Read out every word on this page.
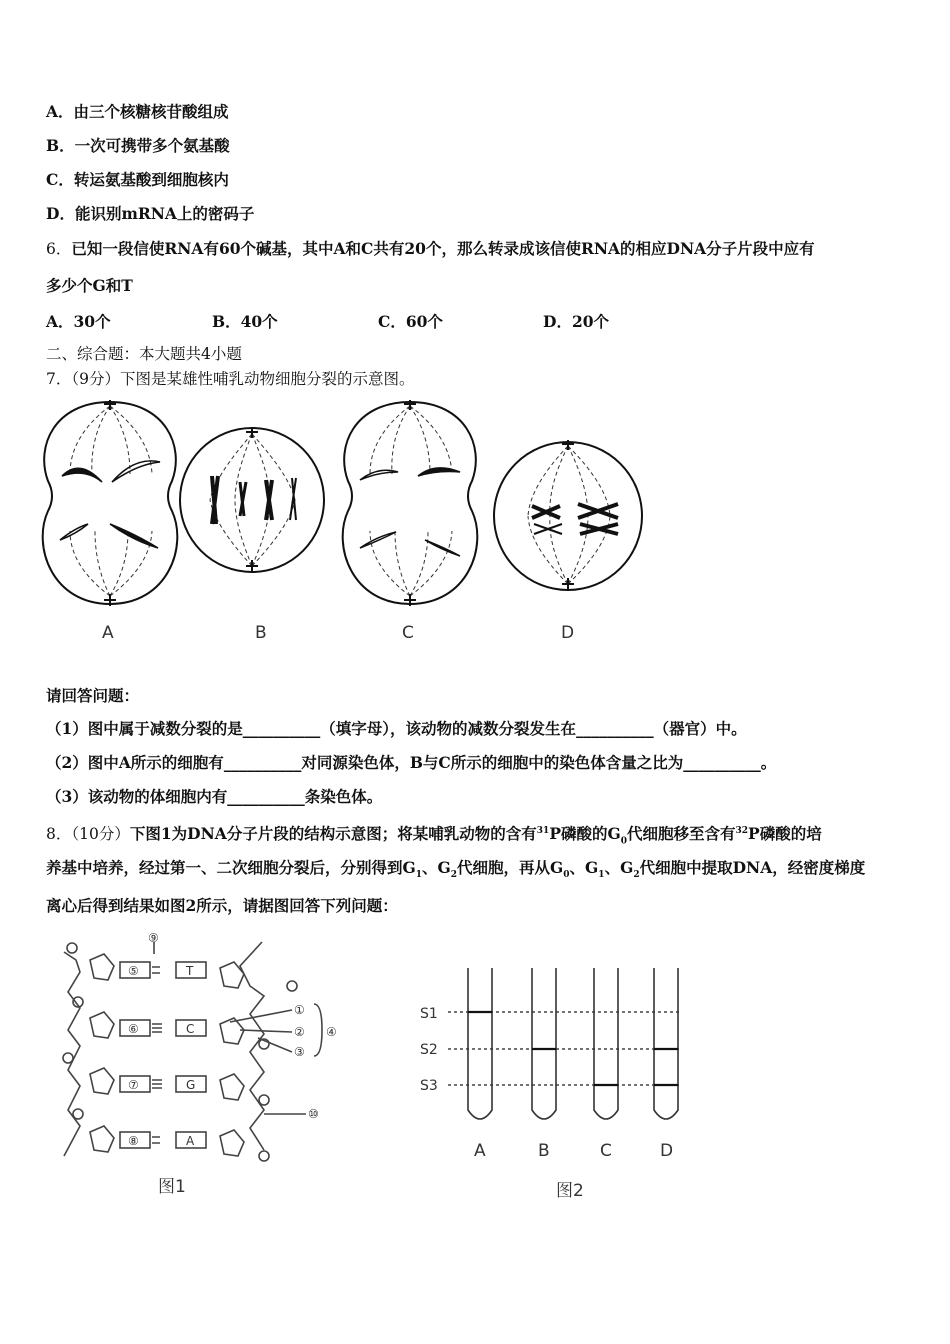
A．由三个核糖核苷酸组成
B．一次可携带多个氨基酸
C．转运氨基酸到细胞核内
D．能识别mRNA上的密码子
6．已知一段信使RNA有60个碱基，其中A和C共有20个，那么转录成该信使RNA的相应DNA分子片段中应有
多少个G和T
A．30个	B．40个	C．60个	D．20个
二、综合题：本大题共4小题
7．（9分）下图是某雄性哺乳动物细胞分裂的示意图。
A	B	C	D
请回答问题：
（1）图中属于减数分裂的是__________（填字母），该动物的减数分裂发生在__________（器官）中。
（2）图中A所示的细胞有__________对同源染色体，B与C所示的细胞中的染色体含量之比为__________。
（3）该动物的体细胞内有__________条染色体。
8．（10分）下图1为DNA分子片段的结构示意图；将某哺乳动物的含有$^{31}$P磷酸的$G_0$代细胞移至含有$^{32}$P磷酸的培
养基中培养，经过第一、二次细胞分裂后，分别得到$G_1$、$G_2$代细胞，再从$G_0$、$G_1$、$G_2$代细胞中提取DNA，经密度梯度
离心后得到结果如图2所示，请据图回答下列问题：
⑤
⑥
⑦
⑧
T
C
G
A
⑨
①
②
③
④
⑩
图1
S1
S2
S3
A	B	C	D
图2
